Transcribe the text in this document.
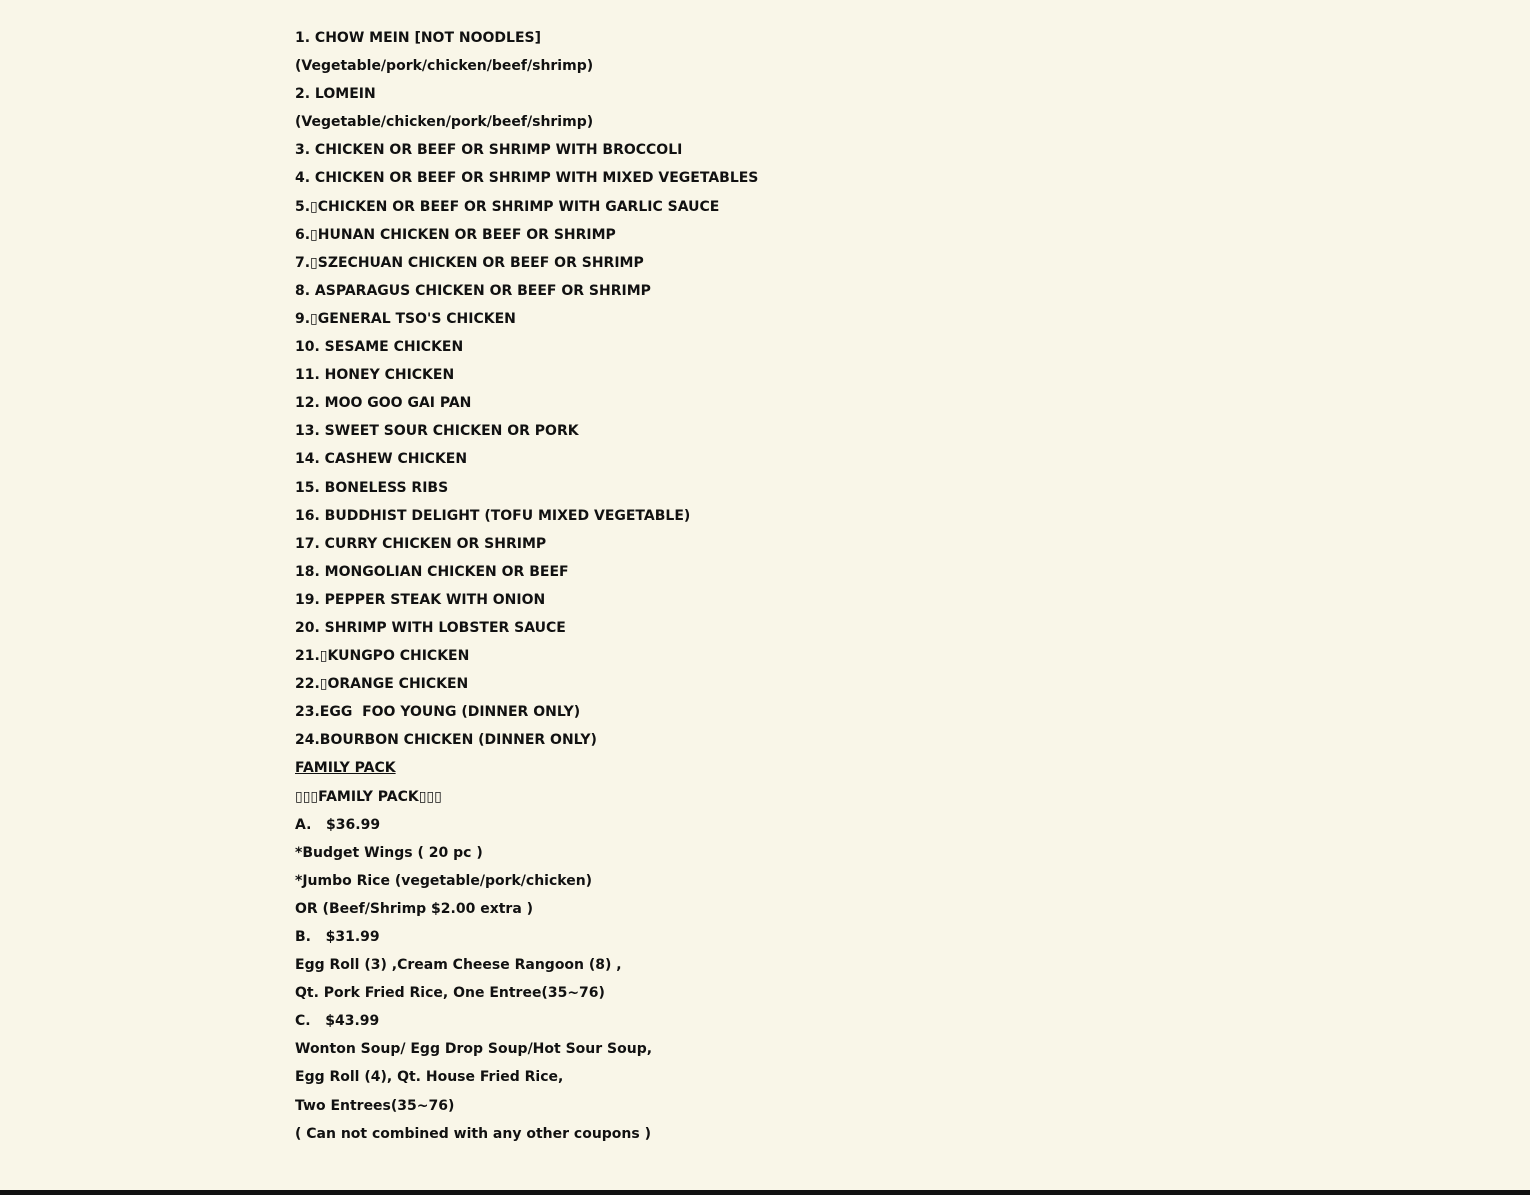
1. CHOW MEIN [NOT NOODLES]
(Vegetable/pork/chicken/beef/shrimp)
2. LOMEIN
(Vegetable/chicken/pork/beef/shrimp)
3. CHICKEN OR BEEF OR SHRIMP WITH BROCCOLI
4. CHICKEN OR BEEF OR SHRIMP WITH MIXED VEGETABLES
5.▯CHICKEN OR BEEF OR SHRIMP WITH GARLIC SAUCE
6.▯HUNAN CHICKEN OR BEEF OR SHRIMP
7.▯SZECHUAN CHICKEN OR BEEF OR SHRIMP
8. ASPARAGUS CHICKEN OR BEEF OR SHRIMP
9.▯GENERAL TSO'S CHICKEN
10. SESAME CHICKEN
11. HONEY CHICKEN
12. MOO GOO GAI PAN
13. SWEET SOUR CHICKEN OR PORK
14. CASHEW CHICKEN
15. BONELESS RIBS
16. BUDDHIST DELIGHT (TOFU MIXED VEGETABLE)
17. CURRY CHICKEN OR SHRIMP
18. MONGOLIAN CHICKEN OR BEEF
19. PEPPER STEAK WITH ONION
20. SHRIMP WITH LOBSTER SAUCE
21.▯KUNGPO CHICKEN
22.▯ORANGE CHICKEN
23.EGG  FOO YOUNG (DINNER ONLY)
24.BOURBON CHICKEN (DINNER ONLY)
FAMILY PACK
▯▯▯FAMILY PACK▯▯▯
A.   $36.99
*Budget Wings ( 20 pc )
*Jumbo Rice (vegetable/pork/chicken)
OR (Beef/Shrimp $2.00 extra )
B.   $31.99
Egg Roll (3) ,Cream Cheese Rangoon (8) ,
Qt. Pork Fried Rice, One Entree(35~76)
C.   $43.99
Wonton Soup/ Egg Drop Soup/Hot Sour Soup,
Egg Roll (4), Qt. House Fried Rice,
Two Entrees(35~76)
( Can not combined with any other coupons )
